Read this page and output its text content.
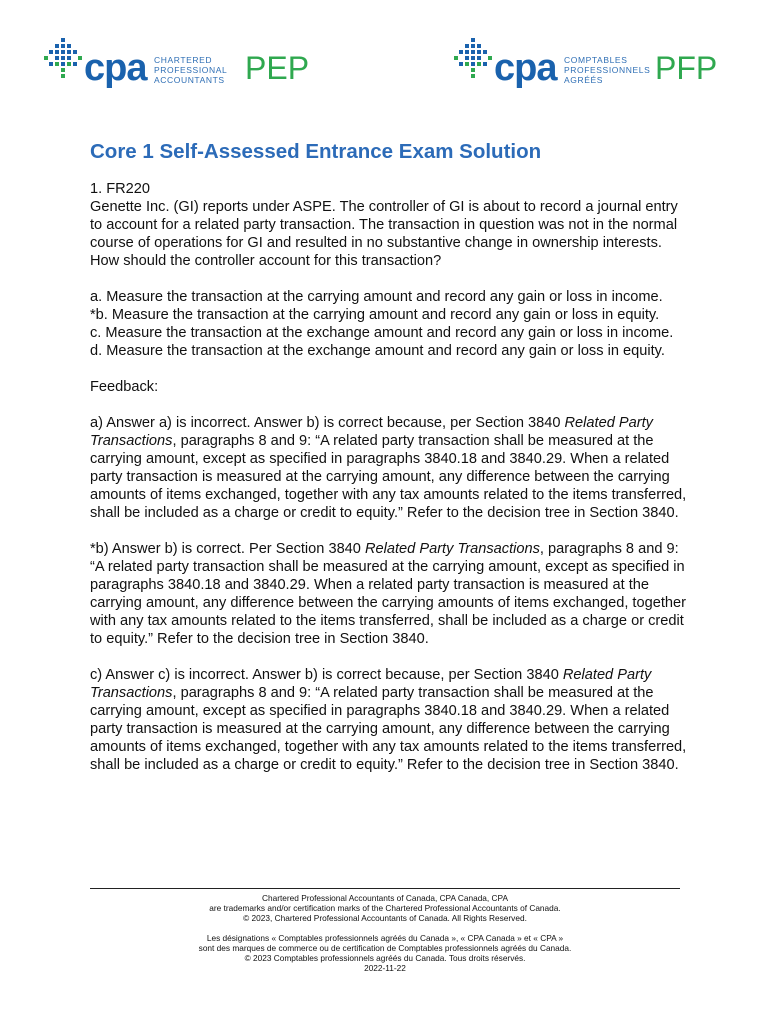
cpa CHARTERED
PROFESSIONAL
ACCOUNTANTS PEP	cpa COMPTABLES
PROFESSIONNELS
AGRÉÉS	PFP
Core 1 Self-Assessed Entrance Exam Solution

1. FR220

Genette Inc. (GI) reports under ASPE. The controller of GI is about to record a journal entry to account for a related party transaction. The transaction in question was not in the normal course of operations for GI and resulted in no substantive change in ownership interests. How should the controller account for this transaction?

a. Measure the transaction at the carrying amount and record any gain or loss in income.

*b. Measure the transaction at the carrying amount and record any gain or loss in equity.

c. Measure the transaction at the exchange amount and record any gain or loss in income.

d. Measure the transaction at the exchange amount and record any gain or loss in equity.

Feedback:

a) Answer a) is incorrect. Answer b) is correct because, per Section 3840 Related Party Transactions, paragraphs 8 and 9: “A related party transaction shall be measured at the carrying amount, except as specified in paragraphs 3840.18 and 3840.29. When a related party transaction is measured at the carrying amount, any difference between the carrying amounts of items exchanged, together with any tax amounts related to the items transferred, shall be included as a charge or credit to equity.” Refer to the decision tree in Section 3840.

*b) Answer b) is correct. Per Section 3840 Related Party Transactions, paragraphs 8 and 9: “A related party transaction shall be measured at the carrying amount, except as specified in paragraphs 3840.18 and 3840.29. When a related party transaction is measured at the carrying amount, any difference between the carrying amounts of items exchanged, together with any tax amounts related to the items transferred, shall be included as a charge or credit to equity.” Refer to the decision tree in Section 3840.

c) Answer c) is incorrect. Answer b) is correct because, per Section 3840 Related Party Transactions, paragraphs 8 and 9: “A related party transaction shall be measured at the carrying amount, except as specified in paragraphs 3840.18 and 3840.29. When a related party transaction is measured at the carrying amount, any difference between the carrying amounts of items exchanged, together with any tax amounts related to the items transferred, shall be included as a charge or credit to equity.” Refer to the decision tree in Section 3840.

Chartered Professional Accountants of Canada, CPA Canada, CPA

are trademarks and/or certification marks of the Chartered Professional Accountants of Canada.

© 2023, Chartered Professional Accountants of Canada. All Rights Reserved.

Les désignations « Comptables professionnels agréés du Canada », « CPA Canada » et « CPA »

sont des marques de commerce ou de certification de Comptables professionnels agréés du Canada.

© 2023 Comptables professionnels agréés du Canada. Tous droits réservés.

2022-11-22
